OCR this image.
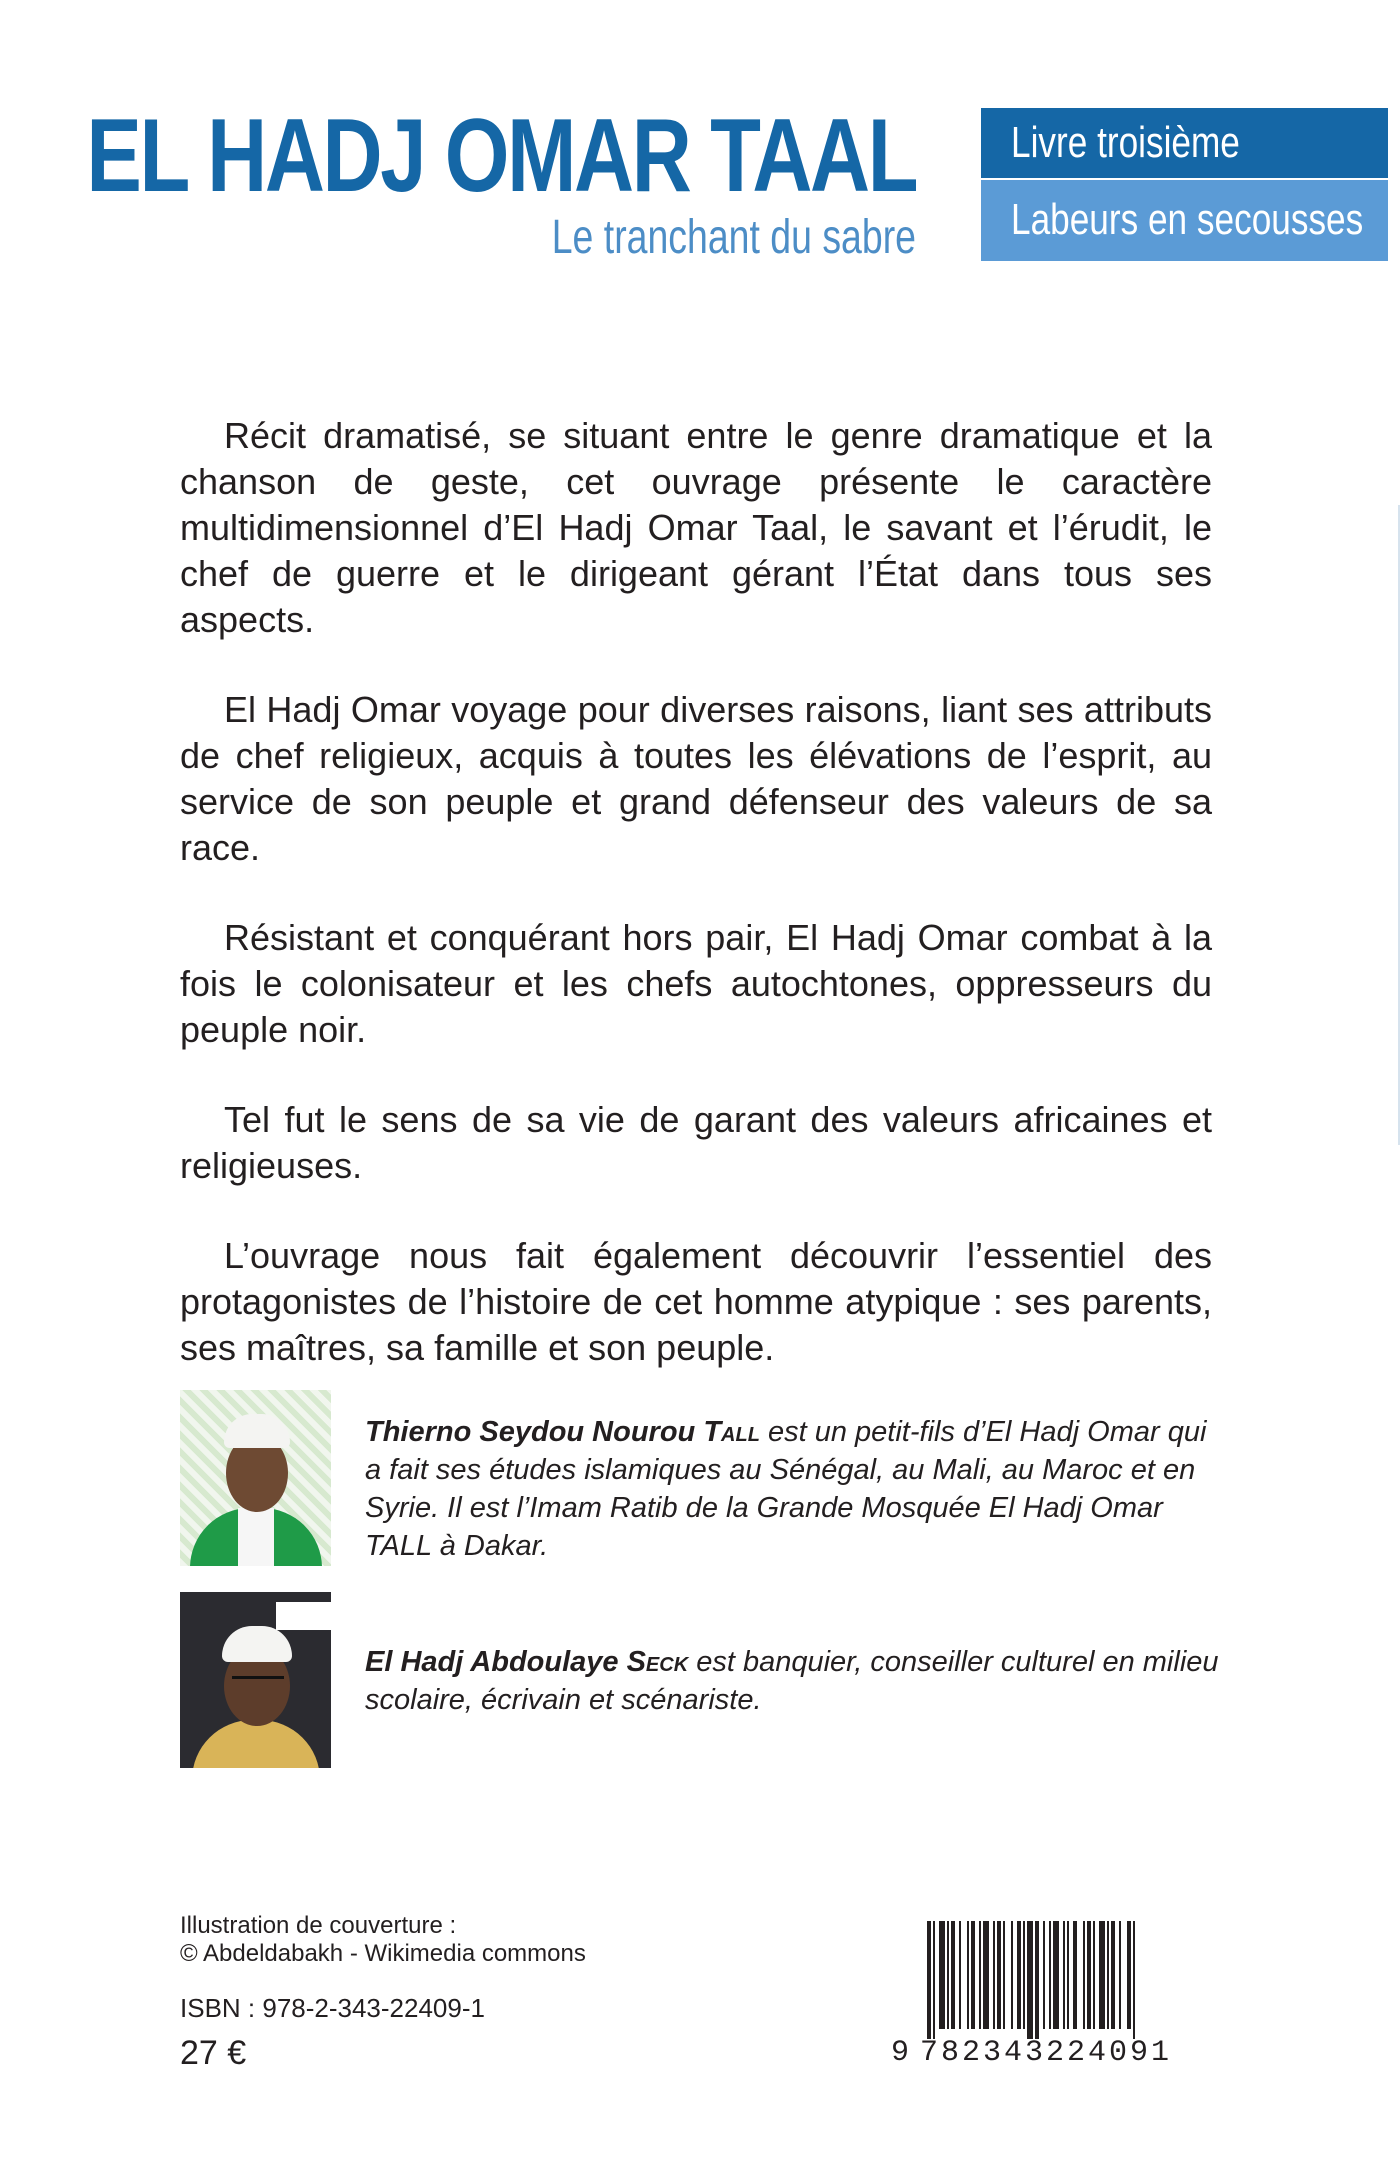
EL HADJ OMAR TAAL
Le tranchant du sabre
Livre troisième
Labeurs en secousses

Récit dramatisé, se situant entre le genre dramatique et la chanson de geste, cet ouvrage présente le caractère multidimensionnel d’El Hadj Omar Taal, le savant et l’érudit, le chef de guerre et le dirigeant gérant l’État dans tous ses aspects.

El Hadj Omar voyage pour diverses raisons, liant ses attributs de chef religieux, acquis à toutes les élévations de l’esprit, au service de son peuple et grand défenseur des valeurs de sa race.

Résistant et conquérant hors pair, El Hadj Omar combat à la fois le colonisateur et les chefs autochtones, oppresseurs du peuple noir.

Tel fut le sens de sa vie de garant des valeurs africaines et religieuses.

L’ouvrage nous fait également découvrir l’essentiel des protagonistes de l’histoire de cet homme atypique : ses parents, ses maîtres, sa famille et son peuple.

Thierno Seydou Nourou Tall est un petit-fils d’El Hadj Omar qui a fait ses études islamiques au Sénégal, au Mali, au Maroc et en Syrie. Il est l’Imam Ratib de la Grande Mosquée El Hadj Omar TALL à Dakar.
El Hadj Abdoulaye Seck est banquier, conseiller culturel en milieu scolaire, écrivain et scénariste.
Illustration de couverture :
© Abdeldabakh - Wikimedia commons
ISBN : 978-2-343-22409-1
27 €	9 782343224091
